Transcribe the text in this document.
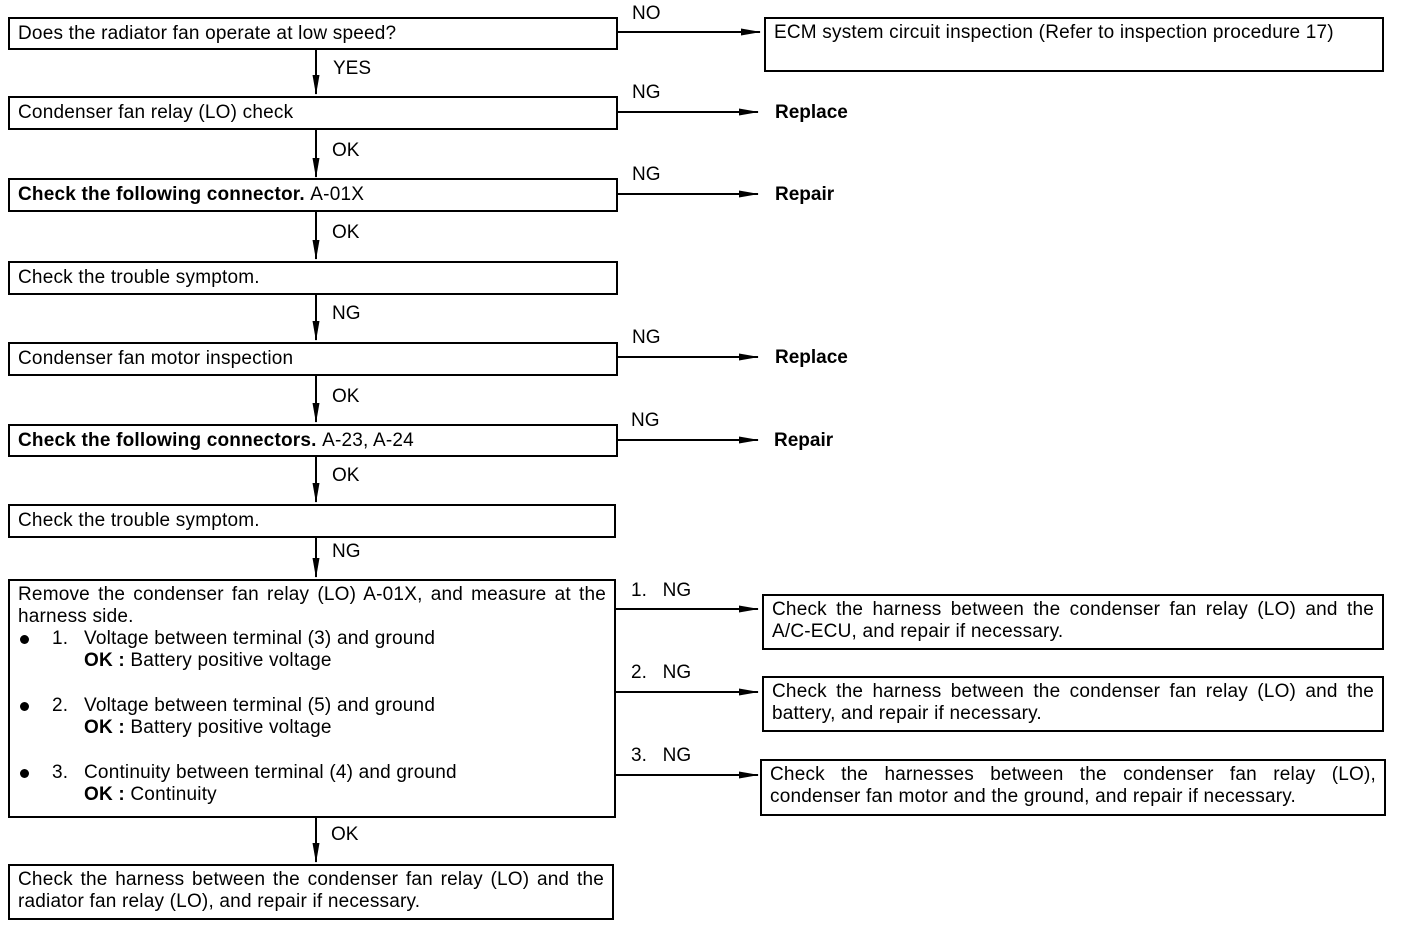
Does the radiator fan operate at low speed?
Condenser fan relay (LO) check
Check the following connector.
A-01X
Check the trouble symptom.
Condenser fan motor inspection
Check the following connectors.
A-23, A-24
Check the trouble symptom.
Remove the condenser fan relay (LO) A-01X, and measure at the harness side.
1. Voltage between terminal (3) and ground
OK : Battery positive voltage
2. Voltage between terminal (5) and ground
OK : Battery positive voltage
3. Continuity between terminal (4) and ground
OK : Continuity
Check the harness between the condenser fan relay (LO) and the radiator fan relay (LO), and repair if necessary.
ECM system circuit inspection (Refer to inspection procedure 17)
Replace
Repair
Replace
Repair
Check the harness between the condenser fan relay (LO) and the A/C-ECU, and repair if necessary.
Check the harness between the condenser fan relay (LO) and the battery, and repair if necessary.
Check the harnesses between the condenser fan relay (LO), condenser fan motor and the ground, and repair if necessary.
YES
OK
OK
NG
OK
OK
NG
OK
NO
NG
NG
NG
NG
1.   NG
2.   NG
3.   NG
